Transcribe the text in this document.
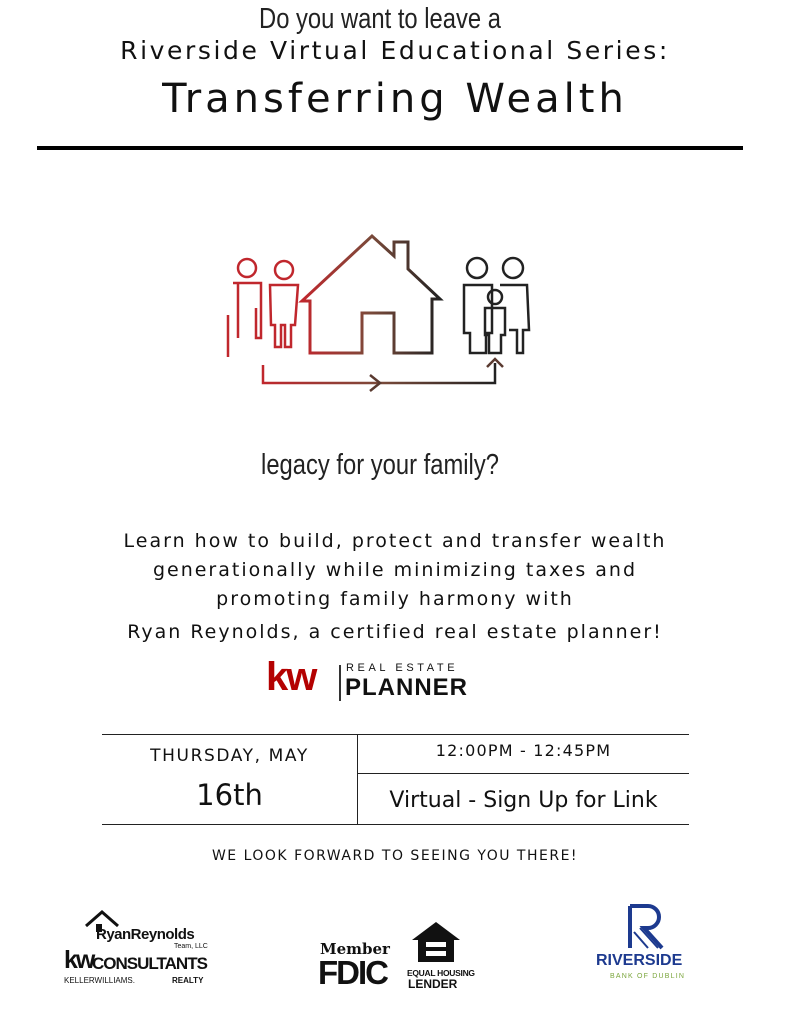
Riverside Virtual Educational Series:
Transferring Wealth
Do you want to leave a
legacy for your family?
Learn how to build, protect and transfer wealth
generationally while minimizing taxes and
promoting family harmony with
Ryan Reynolds, a certified real estate planner!
kw	REAL ESTATE
PLANNER
THURSDAY, MAY
16th
12:00PM - 12:45PM
Virtual - Sign Up for Link
WE LOOK FORWARD TO SEEING YOU THERE!
RyanReynolds
Team, LLC
kw
CONSULTANTS
KELLERWILLIAMS.	REALTY
Member
FDIC EQUAL HOUSING
LENDER
RIVERSIDE
BANK OF DUBLIN
